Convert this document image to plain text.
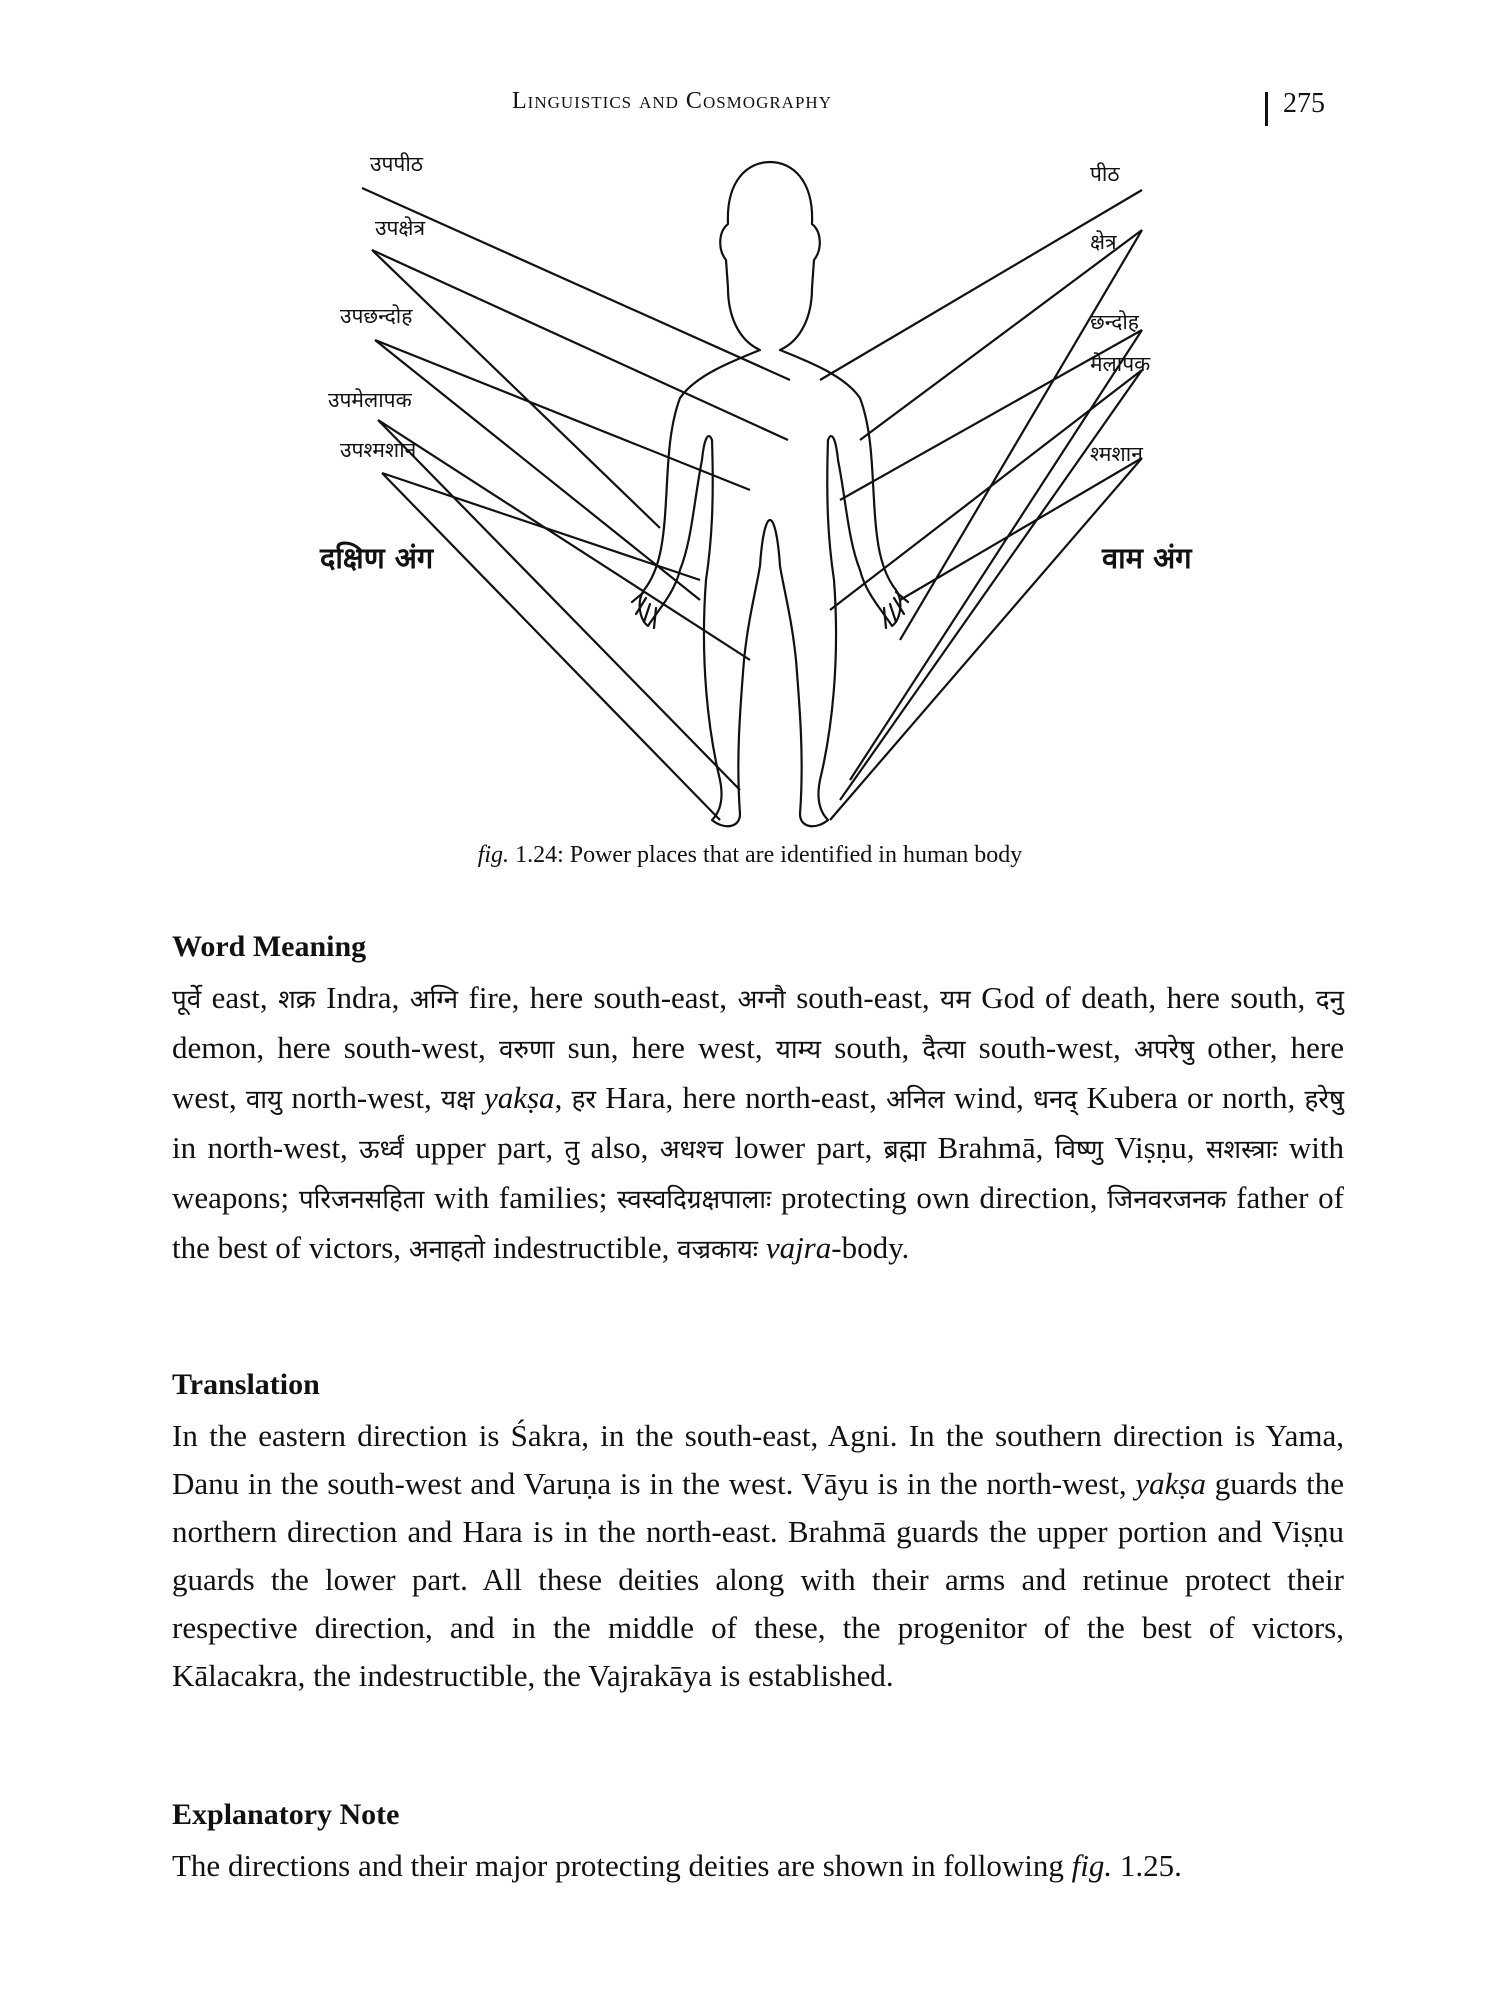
Linguistics and Cosmography	275
उपपीठ
उपक्षेत्र
उपछन्दोह
उपमेलापक
उपश्मशान
पीठ
क्षेत्र
छन्दोह
मेलापक
श्मशान
दक्षिण अंग	वाम अंग
fig. 1.24: Power places that are identified in human body
Word Meaning

पूर्वे east, शक्र Indra, अग्नि fire, here south-east, अग्नौ south-east, यम God of death, here south, दनु demon, here south-west, वरुणा sun, here west, याम्य south, दैत्या south-west, अपरेषु other, here west, वायु north-west, यक्ष yakṣa, हर Hara, here north-east, अनिल wind, धनद् Kubera or north, हरेषु in north-west, ऊर्ध्वं upper part, तु also, अधश्च lower part, ब्रह्मा Brahmā, विष्णु Viṣṇu, सशस्त्राः with weapons; परिजनसहिता with families; स्वस्वदिग्रक्षपालाः protecting own direction, जिनवरजनक father of the best of victors, अनाहतो indestructible, वज्रकायः vajra-body.

Translation

In the eastern direction is Śakra, in the south-east, Agni. In the southern direction is Yama, Danu in the south-west and Varuṇa is in the west. Vāyu is in the north-west, yakṣa guards the northern direction and Hara is in the north-east. Brahmā guards the upper portion and Viṣṇu guards the lower part. All these deities along with their arms and retinue protect their respective direction, and in the middle of these, the progenitor of the best of victors, Kālacakra, the indestructible, the Vajrakāya is established.

Explanatory Note

The directions and their major protecting deities are shown in following fig. 1.25.
